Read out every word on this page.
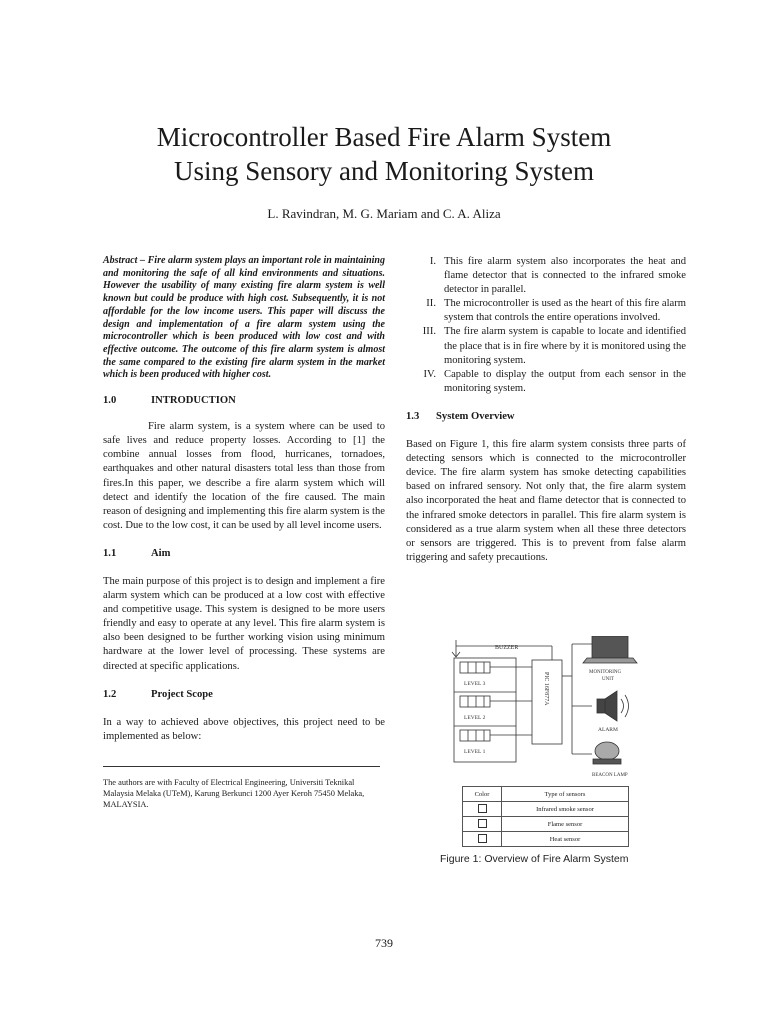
Microcontroller Based Fire Alarm System
Using Sensory and Monitoring System
L. Ravindran, M. G. Mariam and C. A. Aliza

Abstract – Fire alarm system plays an important role in maintaining and monitoring the safe of all kind environments and situations. However the usability of many existing fire alarm system is well known but could be produce with high cost. Subsequently, it is not affordable for the low income users. This paper will discuss the design and implementation of a fire alarm system using the microcontroller which is been produced with low cost and with effective outcome. The outcome of this fire alarm system is almost the same compared to the existing fire alarm system in the market which is been produced with higher cost.

1.0	INTRODUCTION

Fire alarm system, is a system where can be used to safe lives and reduce property losses. According to [1] the combine annual losses from flood, hurricanes, tornadoes, earthquakes and other natural disasters total less than those from fires.In this paper, we describe a fire alarm system which will detect and identify the location of the fire caused. The main reason of designing and implementing this fire alarm system is the cost. Due to the low cost, it can be used by all level income users.

1.1	Aim

The main purpose of this project is to design and implement a fire alarm system which can be produced at a low cost with effective and competitive usage. This system is designed to be more users friendly and easy to operate at any level. This fire alarm system is also been designed to be further working vision using minimum hardware at the lower level of processing. These systems are directed at specific applications.

1.2	Project Scope

In a way to achieved above objectives, this project need to be implemented as below:

The authors are with Faculty of Electrical Engineering, Universiti Teknikal Malaysia Melaka (UTeM), Karung Berkunci 1200 Ayer Keroh 75450 Melaka, MALAYSIA.

I. This fire alarm system also incorporates the heat and flame detector that is connected to the infrared smoke detector in parallel.
II. The microcontroller is used as the heart of this fire alarm system that controls the entire operations involved.
III. The fire alarm system is capable to locate and identified the place that is in fire where by it is monitored using the monitoring system.
IV. Capable to display the output from each sensor in the monitoring system.
1.3	System Overview

Based on Figure 1, this fire alarm system consists three parts of detecting sensors which is connected to the microcontroller device. The fire alarm system has smoke detecting capabilities based on infrared sensory. Not only that, the fire alarm system also incorporated the heat and flame detector that is connected to the infrared smoke detectors in parallel. This fire alarm system is considered as a true alarm system when all these three detectors or sensors are triggered. This is to prevent from false alarm triggering and safety precautions.

BUZZER
LEVEL 3
LEVEL 2
LEVEL 1
PIC 16F877A	MONITORING
UNIT
ALARM
BEACON LAMP
Color	Type of sensors
	Infrared smoke sensor
	Flame sensor
	Heat sensor
Figure 1: Overview of Fire Alarm System
739
